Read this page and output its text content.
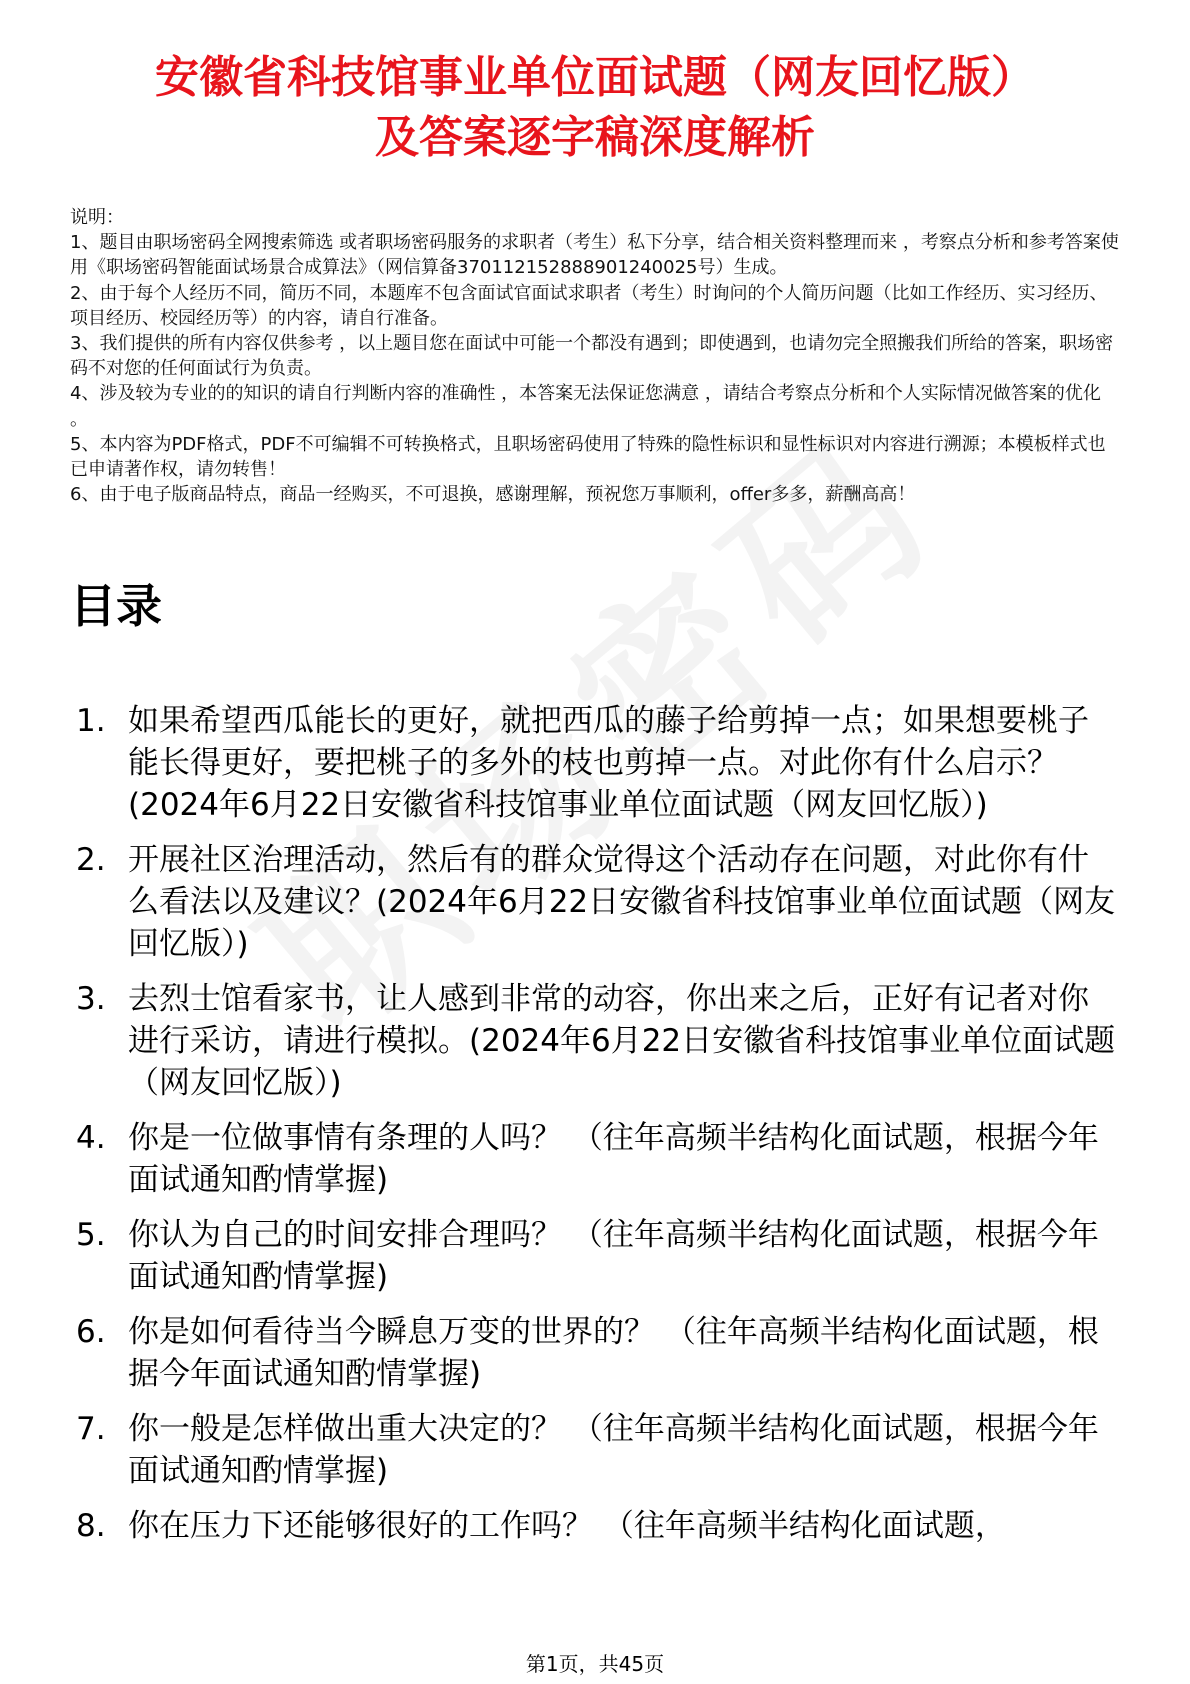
安徽省科技馆事业单位面试题（网友回忆版）
及答案逐字稿深度解析
说明：
1、题目由职场密码全网搜索筛选 或者职场密码服务的求职者（考生）私下分享，结合相关资料整理而来 ，考察点分析和参考答案使用《职场密码智能面试场景合成算法》（网信算备370112152888901240025号）生成。
2、由于每个人经历不同，简历不同，本题库不包含面试官面试求职者（考生）时询问的个人简历问题（比如工作经历、实习经历、项目经历、校园经历等）的内容，请自行准备。
3、我们提供的所有内容仅供参考 ，以上题目您在面试中可能一个都没有遇到；即使遇到，也请勿完全照搬我们所给的答案，职场密码不对您的任何面试行为负责。
4、涉及较为专业的的知识的请自行判断内容的准确性 ，本答案无法保证您满意 ，请结合考察点分析和个人实际情况做答案的优化 。
5、本内容为PDF格式，PDF不可编辑不可转换格式，且职场密码使用了特殊的隐性标识和显性标识对内容进行溯源；本模板样式也已申请著作权，请勿转售！
6、由于电子版商品特点，商品一经购买，不可退换，感谢理解，预祝您万事顺利，offer多多，薪酬高高！
目录
1. 如果希望西瓜能长的更好，就把西瓜的藤子给剪掉一点；如果想要桃子能长得更好，要把桃子的多外的枝也剪掉一点。对此你有什么启示？(2024年6月22日安徽省科技馆事业单位面试题（网友回忆版）)
2. 开展社区治理活动，然后有的群众觉得这个活动存在问题，对此你有什么看法以及建议？(2024年6月22日安徽省科技馆事业单位面试题（网友回忆版）)
3. 去烈士馆看家书，让人感到非常的动容，你出来之后，正好有记者对你进行采访，请进行模拟。(2024年6月22日安徽省科技馆事业单位面试题（网友回忆版）)
4. 你是一位做事情有条理的人吗？ （往年高频半结构化面试题，根据今年面试通知酌情掌握)
5. 你认为自己的时间安排合理吗？ （往年高频半结构化面试题，根据今年面试通知酌情掌握)
6. 你是如何看待当今瞬息万变的世界的？ （往年高频半结构化面试题，根据今年面试通知酌情掌握)
7. 你一般是怎样做出重大决定的？ （往年高频半结构化面试题，根据今年面试通知酌情掌握)
8. 你在压力下还能够很好的工作吗？ （往年高频半结构化面试题，
第1页，共45页
